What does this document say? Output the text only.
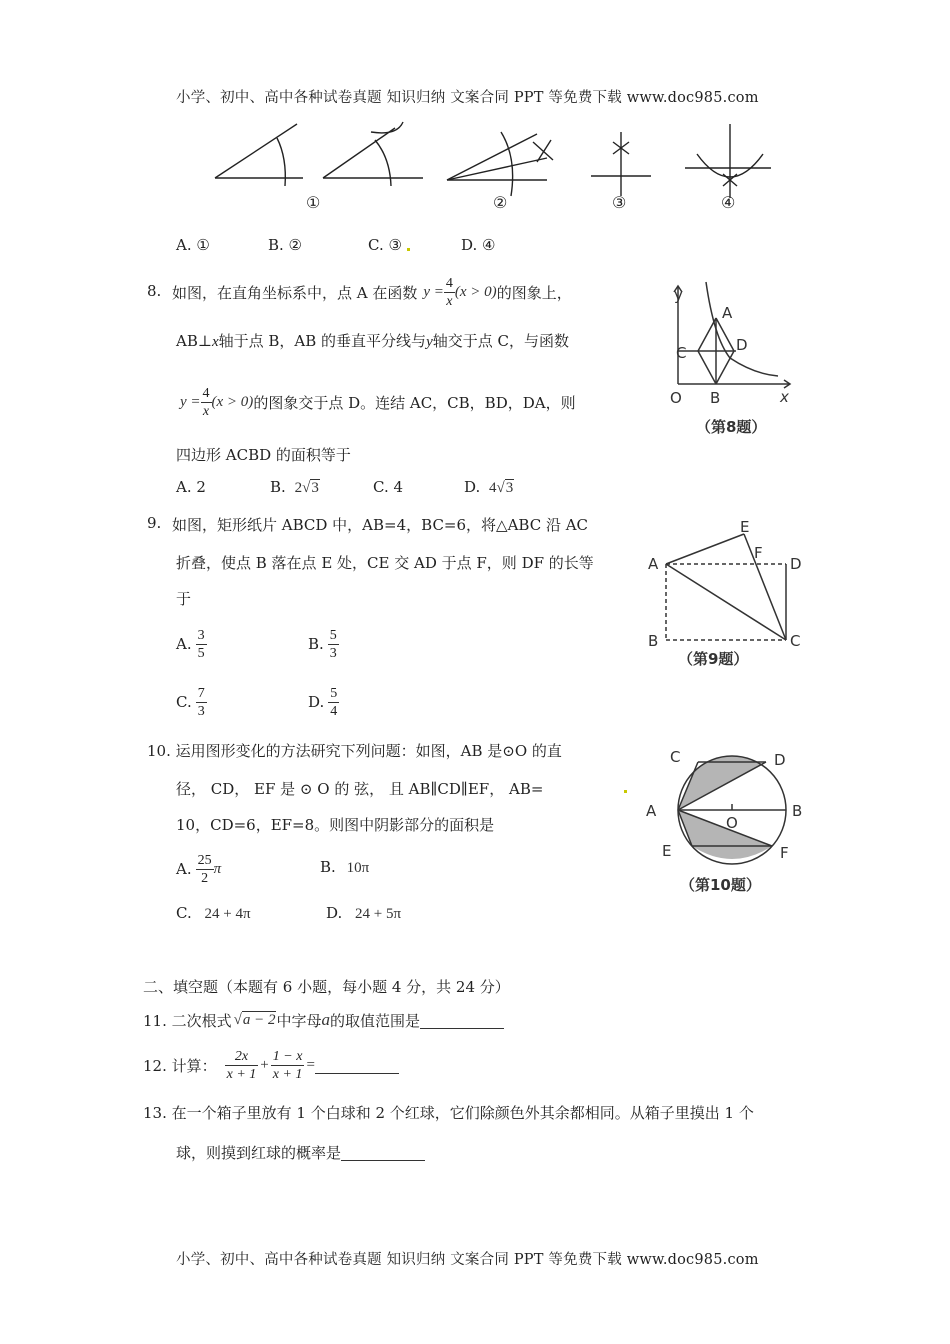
小学、初中、高中各种试卷真题 知识归纳 文案合同 PPT 等免费下载 www.doc985.com
①	②	③	④
A. ①	B. ②	C. ③	D. ④
8. 如图，在直角坐标系中，点 A 在函数 $y = \frac{4}{x} (x > 0)$ 的图象上，
AB⊥x轴于点 B，AB 的垂直平分线与y轴交于点 C，与函数
$y = \frac{4}{x} (x > 0)$ 的图象交于点 D。连结 AC，CB，BD，DA，则
四边形 ACBD 的面积等于
A. 2	B. 2√3	C. 4	D. 4√3
y
x
O
A
B
C	D
（第8题）
9. 如图，矩形纸片 ABCD 中，AB=4，BC=6，将△ABC 沿 AC
折叠，使点 B 落在点 E 处，CE 交 AD 于点 F，则 DF 的长等
于
A. $\frac{3}{5}$	B. $\frac{5}{3}$
C. $\frac{7}{3}$	D. $\frac{5}{4}$
A
B	C
D
E
F
（第9题）
10. 运用图形变化的方法研究下列问题：如图，AB 是⊙O 的直
径， CD， EF 是 ⊙ O 的 弦， 且 AB∥CD∥EF， AB=
10，CD=6，EF=8。则图中阴影部分的面积是
A. $\frac{25}{2}$ π	B. 10π
C. 24 + 4π	D. 24 + 5π
C	D
A	B
O
E	F
（第10题）
二、填空题（本题有 6 小题，每小题 4 分，共 24 分）
11. 二次根式 √ a − 2 中字母 a 的取值范围是
12. 计算： $\frac{2x}{x + 1} + \frac{1 - x}{x + 1}$ =
13. 在一个箱子里放有 1 个白球和 2 个红球，它们除颜色外其余都相同。从箱子里摸出 1 个
球，则摸到红球的概率是
小学、初中、高中各种试卷真题 知识归纳 文案合同 PPT 等免费下载 www.doc985.com
